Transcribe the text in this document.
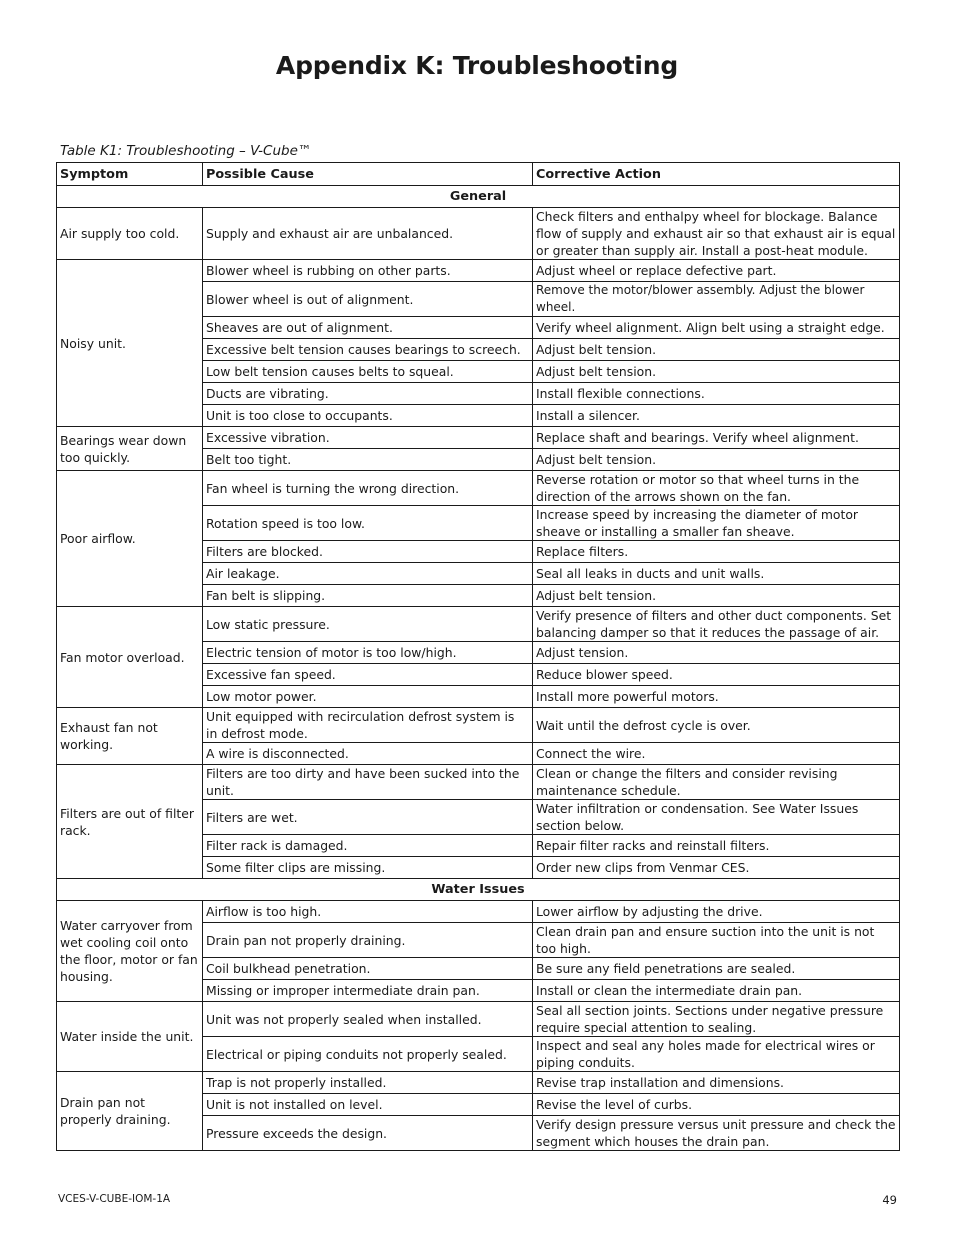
Appendix K: Troubleshooting
Table K1: Troubleshooting – V-Cube™
Symptom	Possible Cause	Corrective Action
General		
Air supply too cold.	Supply and exhaust air are unbalanced.	Check filters and enthalpy wheel for blockage. Balance flow of supply and exhaust air so that exhaust air is equal or greater than supply air. Install a post-heat module.
Noisy unit.	Blower wheel is rubbing on other parts.	Adjust wheel or replace defective part.
	Blower wheel is out of alignment.	Remove the motor/blower assembly. Adjust the blower wheel.
	Sheaves are out of alignment.	Verify wheel alignment. Align belt using a straight edge.
	Excessive belt tension causes bearings to screech.	Adjust belt tension.
	Low belt tension causes belts to squeal.	Adjust belt tension.
	Ducts are vibrating.	Install flexible connections.
	Unit is too close to occupants.	Install a silencer.
Bearings wear down too quickly.	Excessive vibration.	Replace shaft and bearings. Verify wheel alignment.
	Belt too tight.	Adjust belt tension.
Poor airflow.	Fan wheel is turning the wrong direction.	Reverse rotation or motor so that wheel turns in the direction of the arrows shown on the fan.
	Rotation speed is too low.	Increase speed by increasing the diameter of motor sheave or installing a smaller fan sheave.
	Filters are blocked.	Replace filters.
	Air leakage.	Seal all leaks in ducts and unit walls.
	Fan belt is slipping.	Adjust belt tension.
Fan motor overload.	Low static pressure.	Verify presence of filters and other duct components. Set balancing damper so that it reduces the passage of air.
	Electric tension of motor is too low/high.	Adjust tension.
	Excessive fan speed.	Reduce blower speed.
	Low motor power.	Install more powerful motors.
Exhaust fan not working.	Unit equipped with recirculation defrost system is in defrost mode.	Wait until the defrost cycle is over.
	A wire is disconnected.	Connect the wire.
Filters are out of filter rack.	Filters are too dirty and have been sucked into the unit.	Clean or change the filters and consider revising maintenance schedule.
	Filters are wet.	Water infiltration or condensation. See Water Issues section below.
	Filter rack is damaged.	Repair filter racks and reinstall filters.
	Some filter clips are missing.	Order new clips from Venmar CES.
Water Issues		
Water carryover from wet cooling coil onto the floor, motor or fan housing.	Airflow is too high.	Lower airflow by adjusting the drive.
	Drain pan not properly draining.	Clean drain pan and ensure suction into the unit is not too high.
	Coil bulkhead penetration.	Be sure any field penetrations are sealed.
	Missing or improper intermediate drain pan.	Install or clean the intermediate drain pan.
Water inside the unit.	Unit was not properly sealed when installed.	Seal all section joints. Sections under negative pressure require special attention to sealing.
	Electrical or piping conduits not properly sealed.	Inspect and seal any holes made for electrical wires or piping conduits.
Drain pan not properly draining.	Trap is not properly installed.	Revise trap installation and dimensions.
	Unit is not installed on level.	Revise the level of curbs.
	Pressure exceeds the design.	Verify design pressure versus unit pressure and check the segment which houses the drain pan.
VCES-V-CUBE-IOM-1A	49
